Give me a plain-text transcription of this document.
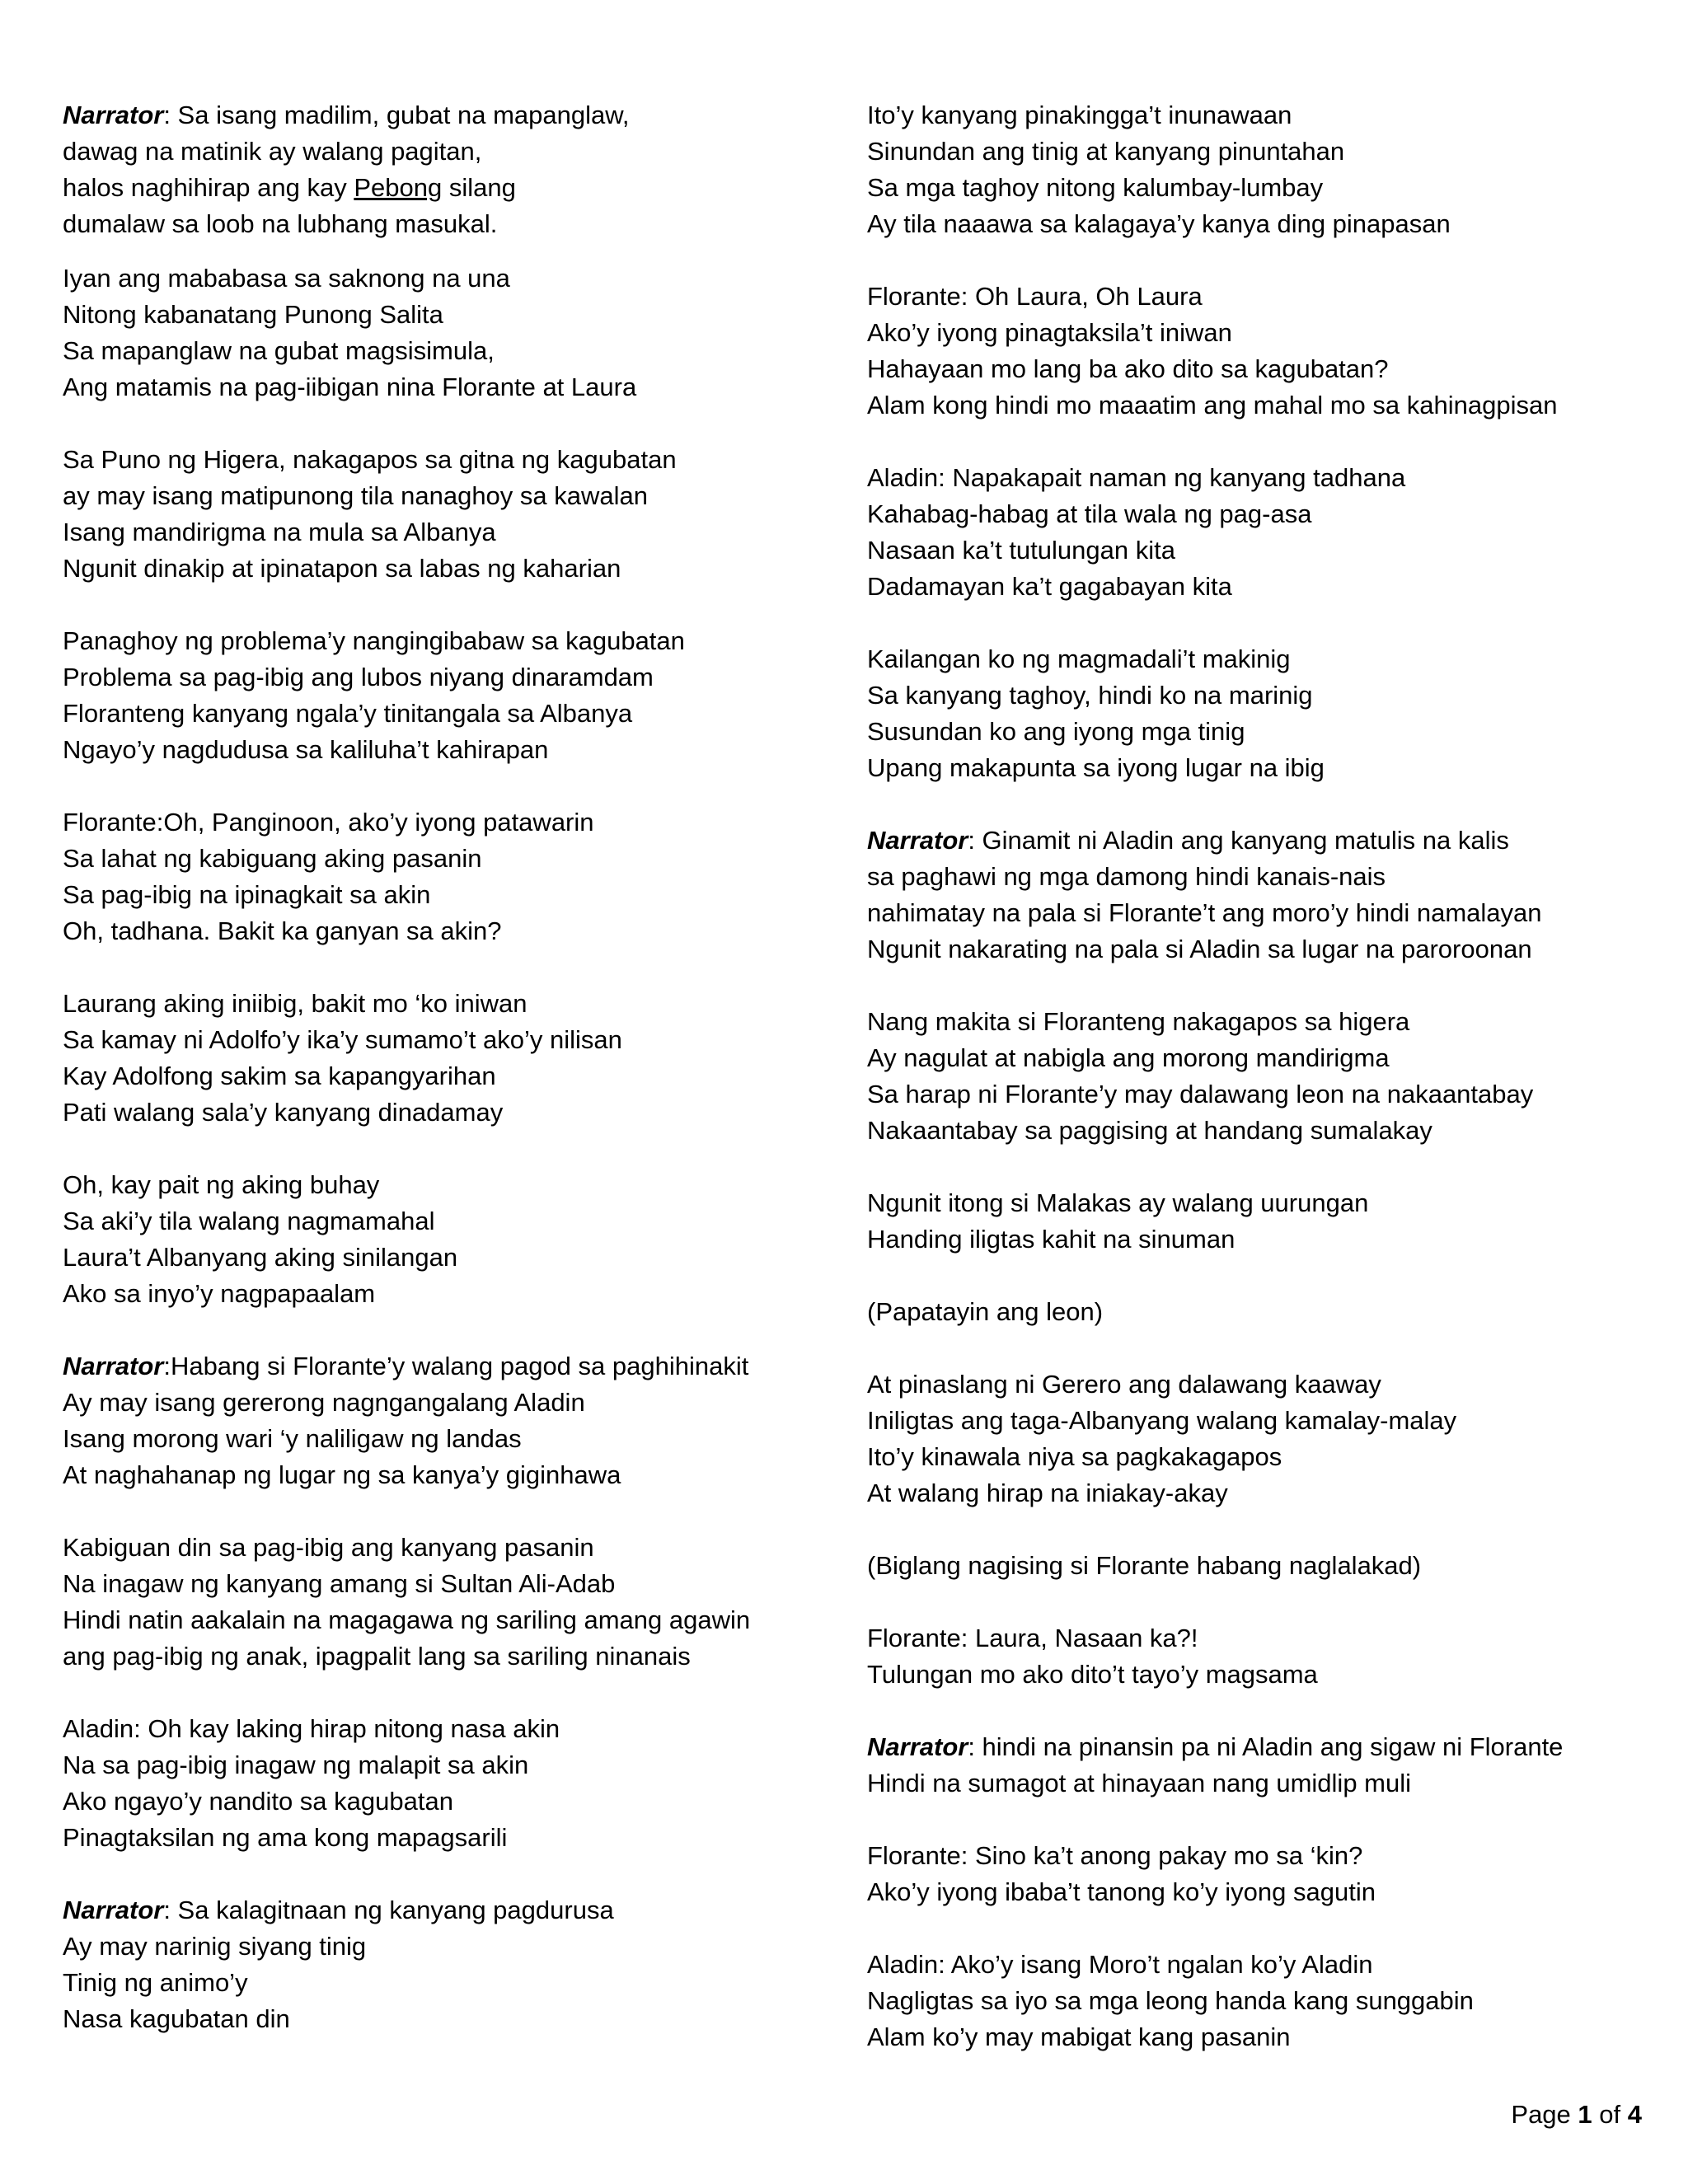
Narrator: Sa isang madilim, gubat na mapanglaw,
dawag na matinik ay walang pagitan,
halos naghihirap ang kay Pebong silang
dumalaw sa loob na lubhang masukal.
Iyan ang mababasa sa saknong na una
Nitong kabanatang Punong Salita
Sa mapanglaw na gubat magsisimula,
Ang matamis na pag-iibigan nina Florante at Laura
Sa Puno ng Higera, nakagapos sa gitna ng kagubatan
ay may isang matipunong tila nanaghoy sa kawalan
Isang mandirigma na mula sa Albanya
Ngunit dinakip at ipinatapon sa labas ng kaharian
Panaghoy ng problema’y nangingibabaw sa kagubatan
Problema sa pag-ibig ang lubos niyang dinaramdam
Floranteng kanyang ngala’y tinitangala sa Albanya
Ngayo’y nagdudusa sa kaliluha’t kahirapan
Florante:Oh, Panginoon, ako’y iyong patawarin
Sa lahat ng kabiguang aking pasanin
Sa pag-ibig na ipinagkait sa akin
Oh, tadhana. Bakit ka ganyan sa akin?
Laurang aking iniibig, bakit mo ‘ko iniwan
Sa kamay ni Adolfo’y ika’y sumamo’t ako’y nilisan
Kay Adolfong sakim sa kapangyarihan
Pati walang sala’y kanyang dinadamay
Oh, kay pait ng aking buhay
Sa aki’y tila walang nagmamahal
Laura’t Albanyang aking sinilangan
Ako sa inyo’y nagpapaalam
Narrator:Habang si Florante’y walang pagod sa paghihinakit
Ay may isang gererong nagngangalang Aladin
Isang morong wari ‘y naliligaw ng landas
At naghahanap ng lugar ng sa kanya’y giginhawa
Kabiguan din sa pag-ibig ang kanyang pasanin
Na inagaw ng kanyang amang si Sultan Ali-Adab
Hindi natin aakalain na magagawa ng sariling amang agawin
ang pag-ibig ng anak, ipagpalit lang sa sariling ninanais
Aladin: Oh kay laking hirap nitong nasa akin
Na sa pag-ibig inagaw ng malapit sa akin
Ako ngayo’y nandito sa kagubatan
Pinagtaksilan ng ama kong mapagsarili
Narrator: Sa kalagitnaan ng kanyang pagdurusa
Ay may narinig siyang tinig
Tinig ng animo’y
Nasa kagubatan din
Ito’y kanyang pinakingga’t inunawaan
Sinundan ang tinig at kanyang pinuntahan
Sa mga taghoy nitong kalumbay-lumbay
Ay tila naaawa sa kalagaya’y kanya ding pinapasan
Florante: Oh Laura, Oh Laura
Ako’y iyong pinagtaksila’t iniwan
Hahayaan mo lang ba ako dito sa kagubatan?
Alam kong hindi mo maaatim ang mahal mo sa kahinagpisan
Aladin: Napakapait naman ng kanyang tadhana
Kahabag-habag at tila wala ng pag-asa
Nasaan ka’t tutulungan kita
Dadamayan ka’t gagabayan kita
Kailangan ko ng magmadali’t makinig
Sa kanyang taghoy, hindi ko na marinig
Susundan ko ang iyong mga tinig
Upang makapunta sa iyong lugar na ibig
Narrator: Ginamit ni Aladin ang kanyang matulis na kalis
sa paghawi ng mga damong hindi kanais-nais
nahimatay na pala si Florante’t ang moro’y hindi namalayan
Ngunit nakarating na pala si Aladin sa lugar na paroroonan
Nang makita si Floranteng nakagapos sa higera
Ay nagulat at nabigla ang morong mandirigma
Sa harap ni Florante’y may dalawang leon na nakaantabay
Nakaantabay sa paggising at handang sumalakay
Ngunit itong si Malakas ay walang uurungan
Handing iligtas kahit na sinuman
(Papatayin ang leon)
At pinaslang ni Gerero ang dalawang kaaway
Iniligtas ang taga-Albanyang walang kamalay-malay
Ito’y kinawala niya sa pagkakagapos
At walang hirap na iniakay-akay
(Biglang nagising si Florante habang naglalakad)
Florante: Laura, Nasaan ka?!
Tulungan mo ako dito’t tayo’y magsama
Narrator: hindi na pinansin pa ni Aladin ang sigaw ni Florante
Hindi na sumagot at hinayaan nang umidlip muli
Florante: Sino ka’t anong pakay mo sa ‘kin?
Ako’y iyong ibaba’t tanong ko’y iyong sagutin
Aladin: Ako’y isang Moro’t ngalan ko’y Aladin
Nagligtas sa iyo sa mga leong handa kang sunggabin
Alam ko’y may mabigat kang pasanin
Page 1 of 4
